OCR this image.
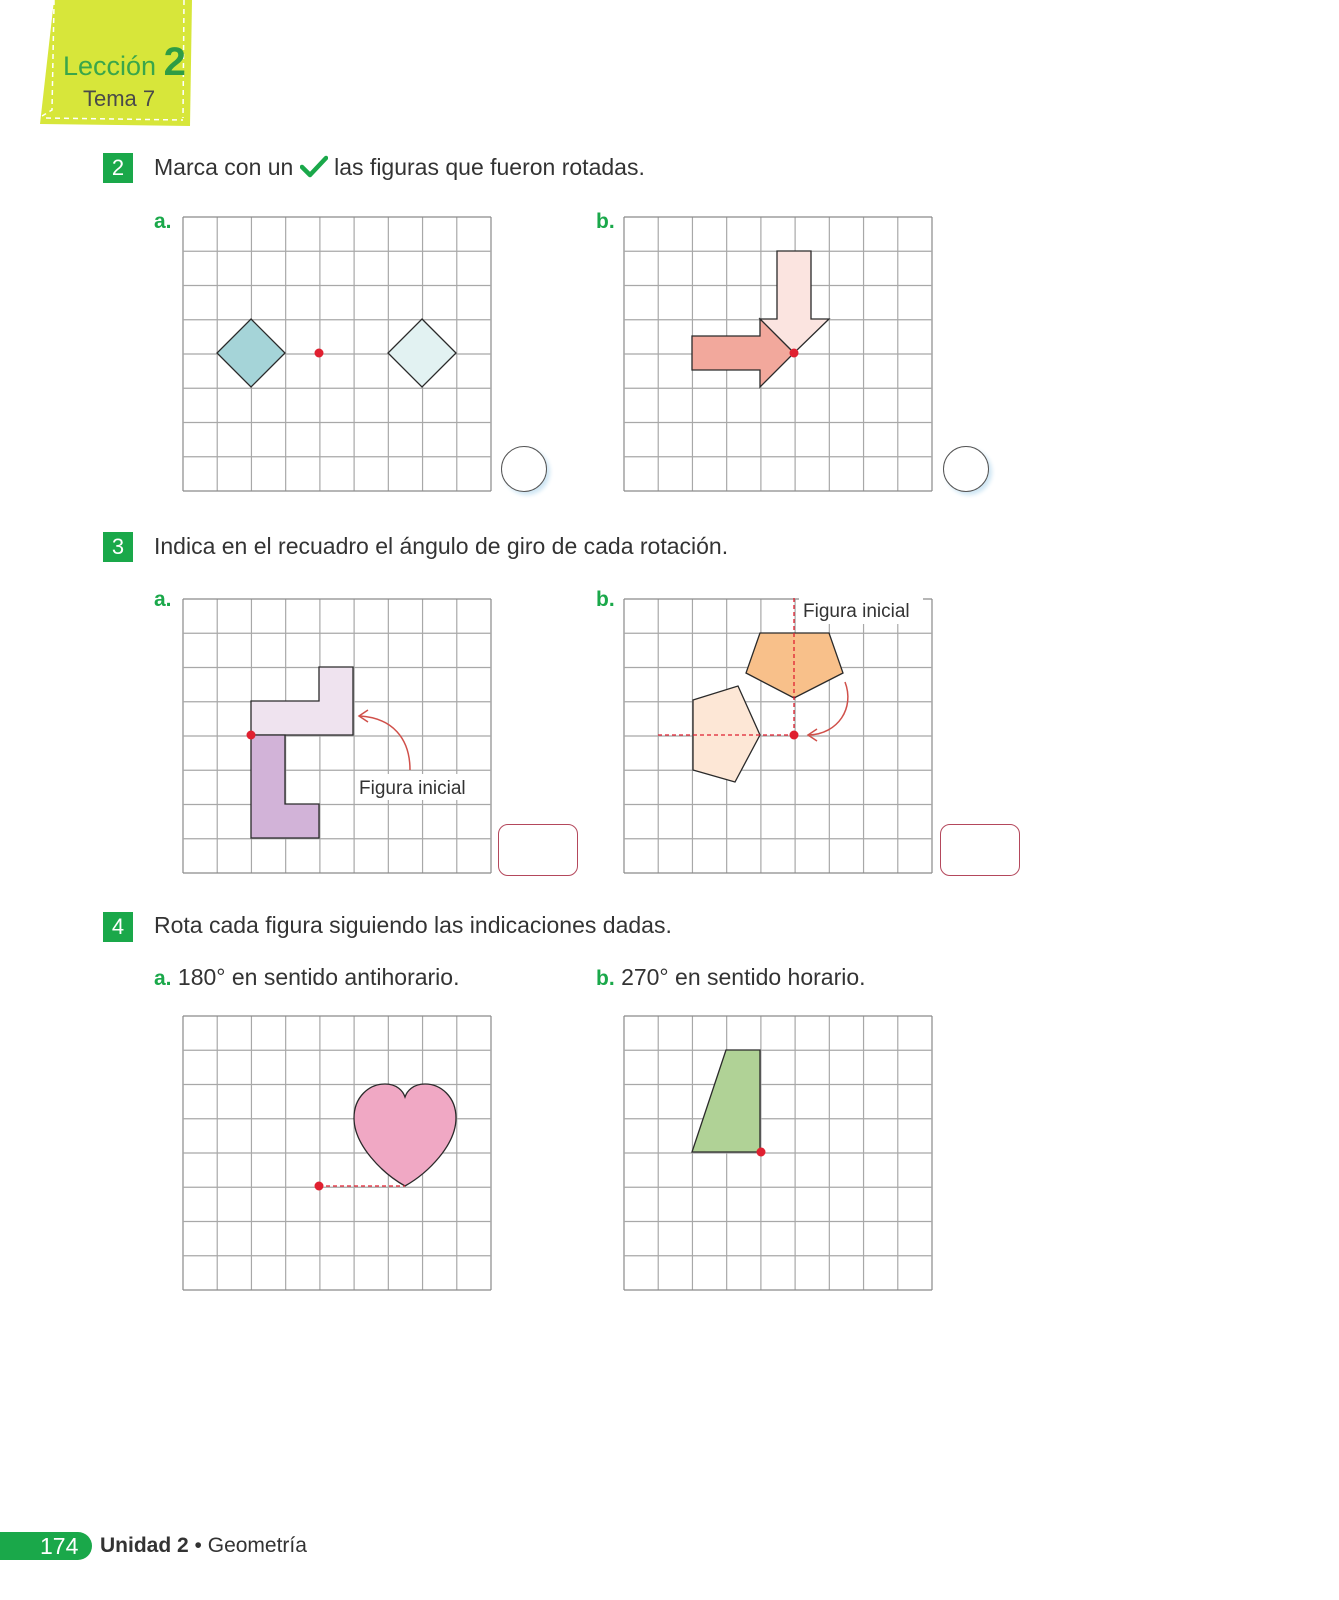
Lección 2
Tema 7
2	Marca con un las figuras que fueron rotadas.
a.	b.
3	Indica en el recuadro el ángulo de giro de cada rotación.
a.	b.
Figura inicial
Figura inicial
4	Rota cada figura siguiendo las indicaciones dadas.
a. 180° en sentido antihorario.	b. 270° en sentido horario.
174 Unidad 2 • Geometría
